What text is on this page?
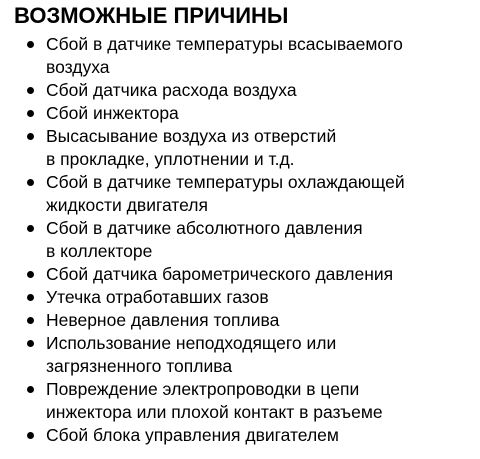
ВОЗМОЖНЫЕ ПРИЧИНЫ
Сбой в датчике температуры всасываемого
воздуха
Сбой датчика расхода воздуха
Сбой инжектора
Высасывание воздуха из отверстий
в прокладке, уплотнении и т.д.
Сбой в датчике температуры охлаждающей
жидкости двигателя
Сбой в датчике абсолютного давления
в коллекторе
Сбой датчика барометрического давления
Утечка отработавших газов
Неверное давления топлива
Использование неподходящего или
загрязненного топлива
Повреждение электропроводки в цепи
инжектора или плохой контакт в разъеме
Сбой блока управления двигателем
